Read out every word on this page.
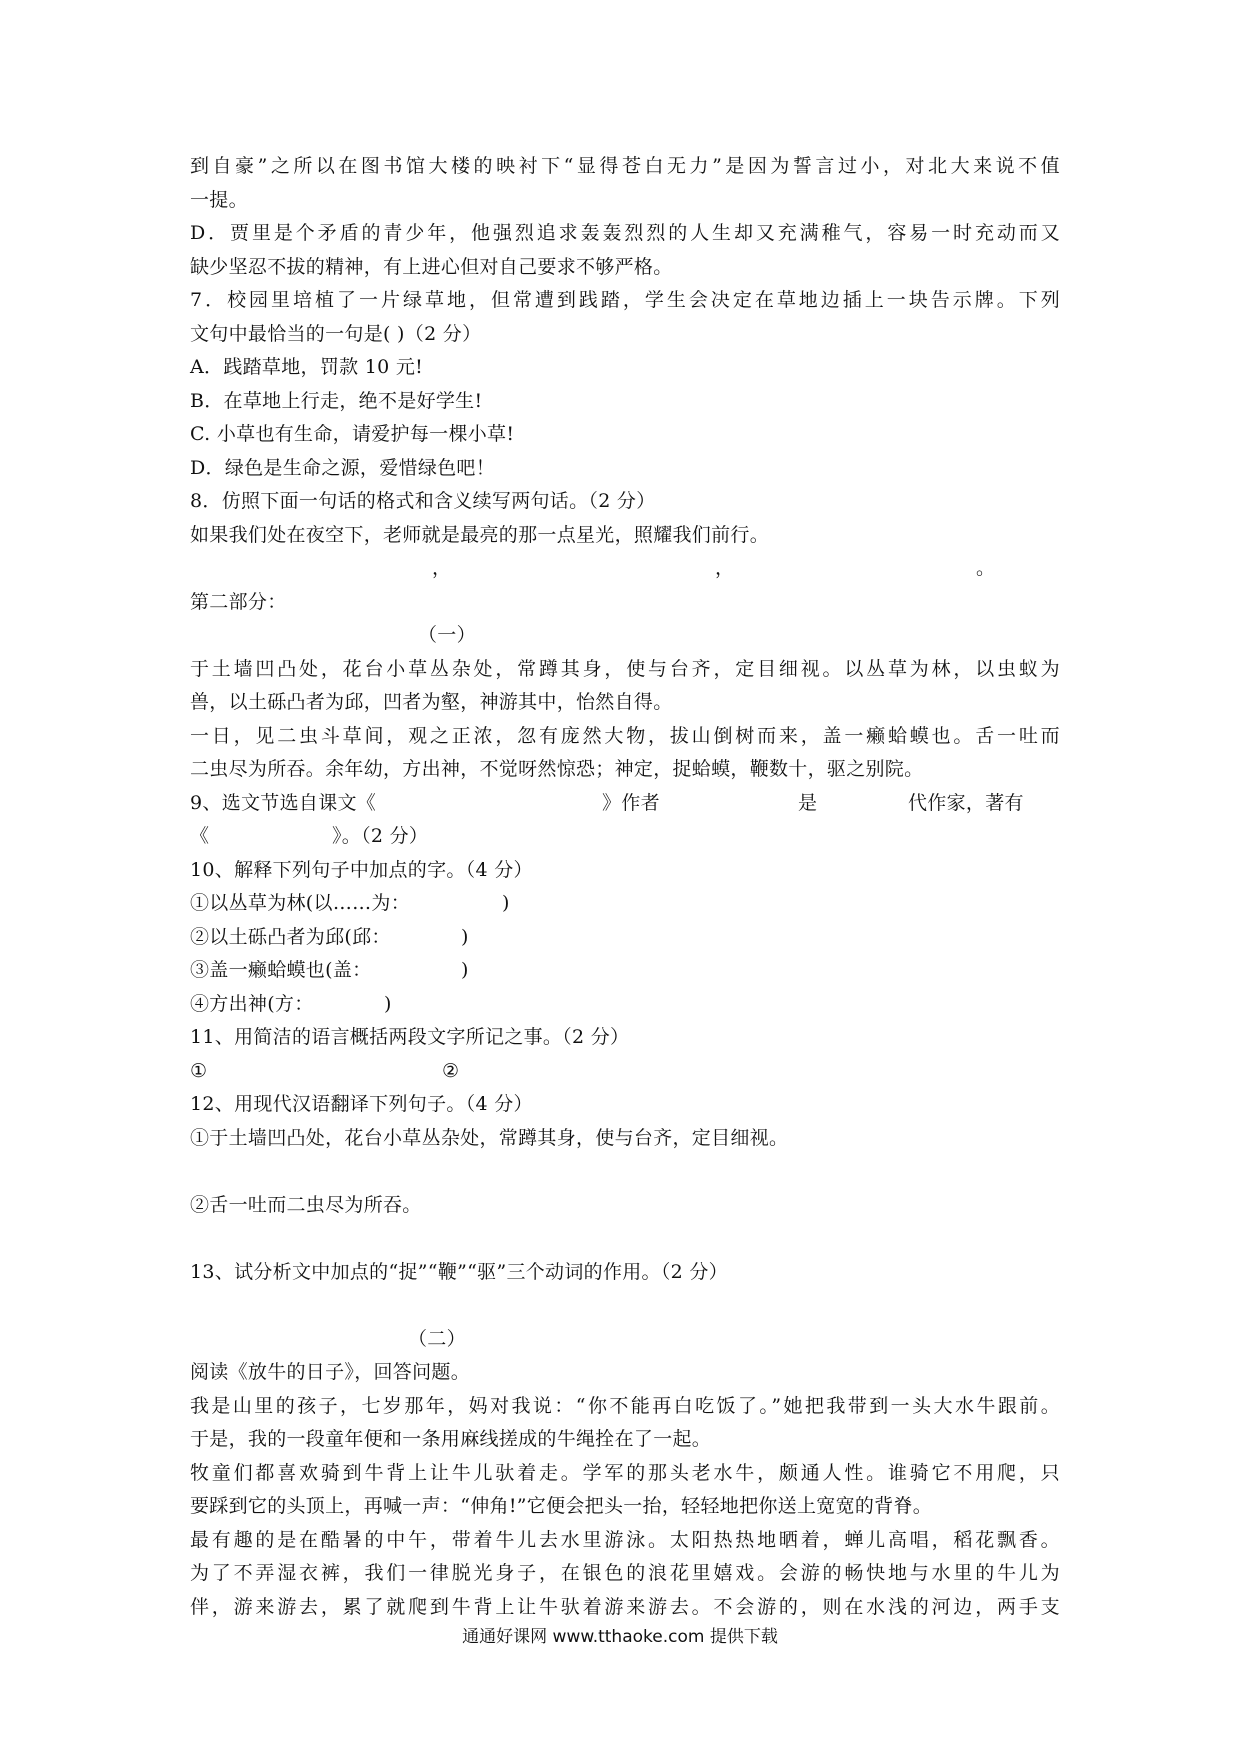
到自豪”之所以在图书馆大楼的映衬下“显得苍白无力”是因为誓言过小，对北大来说不值
一提。
D．贾里是个矛盾的青少年，他强烈追求轰轰烈烈的人生却又充满稚气，容易一时充动而又
缺少坚忍不拔的精神，有上进心但对自己要求不够严格。
7．校园里培植了一片绿草地，但常遭到践踏，学生会决定在草地边插上一块告示牌。下列
文句中最恰当的一句是( )（2 分）
A．践踏草地，罚款 10 元!
B．在草地上行走，绝不是好学生!
C. 小草也有生命，请爱护每一棵小草!
D．绿色是生命之源，爱惜绿色吧！
8．仿照下面一句话的格式和含义续写两句话。（2 分）
如果我们处在夜空下，老师就是最亮的那一点星光，照耀我们前行。
，	，	。
第二部分：
（一）
于土墙凹凸处，花台小草丛杂处，常蹲其身，使与台齐，定目细视。以丛草为林，以虫蚁为
兽，以土砾凸者为邱，凹者为壑，神游其中，怡然自得。
一日，见二虫斗草间，观之正浓，忽有庞然大物，拔山倒树而来，盖一癞蛤蟆也。舌一吐而
二虫尽为所吞。余年幼，方出神，不觉呀然惊恐；神定，捉蛤蟆，鞭数十，驱之别院。
9、选文节选自课文《	》作者	是	代作家，著有
《	》。（2 分）
10、解释下列句子中加点的字。（4 分）
①以丛草为林(以……为：	)
②以土砾凸者为邱(邱：	)
③盖一癞蛤蟆也(盖：	)
④方出神(方：	)
11、用简洁的语言概括两段文字所记之事。（2 分）
①	②
12、用现代汉语翻译下列句子。（4 分）
①于土墙凹凸处，花台小草丛杂处，常蹲其身，使与台齐，定目细视。
②舌一吐而二虫尽为所吞。
13、试分析文中加点的“捉”“鞭”“驱”三个动词的作用。（2 分）
（二）
阅读《放牛的日子》，回答问题。
我是山里的孩子，七岁那年，妈对我说：“你不能再白吃饭了。”她把我带到一头大水牛跟前。
于是，我的一段童年便和一条用麻线搓成的牛绳拴在了一起。
牧童们都喜欢骑到牛背上让牛儿驮着走。学军的那头老水牛，颇通人性。谁骑它不用爬，只
要踩到它的头顶上，再喊一声：“伸角!”它便会把头一抬，轻轻地把你送上宽宽的背脊。
最有趣的是在酷暑的中午，带着牛儿去水里游泳。太阳热热地晒着，蝉儿高唱，稻花飘香。
为了不弄湿衣裤，我们一律脱光身子，在银色的浪花里嬉戏。会游的畅快地与水里的牛儿为
伴，游来游去，累了就爬到牛背上让牛驮着游来游去。不会游的，则在水浅的河边，两手支
通通好课网 www.tthaoke.com 提供下载
